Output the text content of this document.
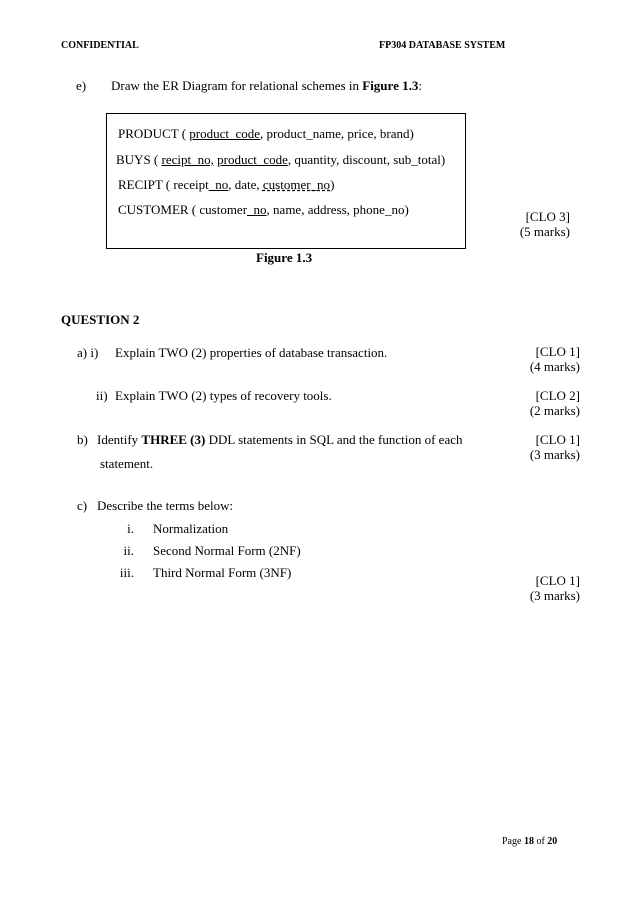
CONFIDENTIAL	FP304 DATABASE SYSTEM
e) Draw the ER Diagram for relational schemes in Figure 1.3:
PRODUCT ( product_code, product_name, price, brand)
BUYS ( recipt_no, product_code, quantity, discount, sub_total)
RECIPT ( receipt_no, date, customer_no)
CUSTOMER ( customer_no, name, address, phone_no)	[CLO 3]
(5 marks)
Figure 1.3
QUESTION 2
a) i) Explain TWO (2) properties of database transaction.	[CLO 1]
(4 marks)
ii) Explain TWO (2) types of recovery tools.	[CLO 2]
(2 marks)
b) Identify THREE (3) DDL statements in SQL and the function of each
statement.
[CLO 1]
(3 marks)
c) Describe the terms below:
i. Normalization
ii. Second Normal Form (2NF)
iii. Third Normal Form (3NF)
[CLO 1]
(3 marks)
Page 18 of 20
